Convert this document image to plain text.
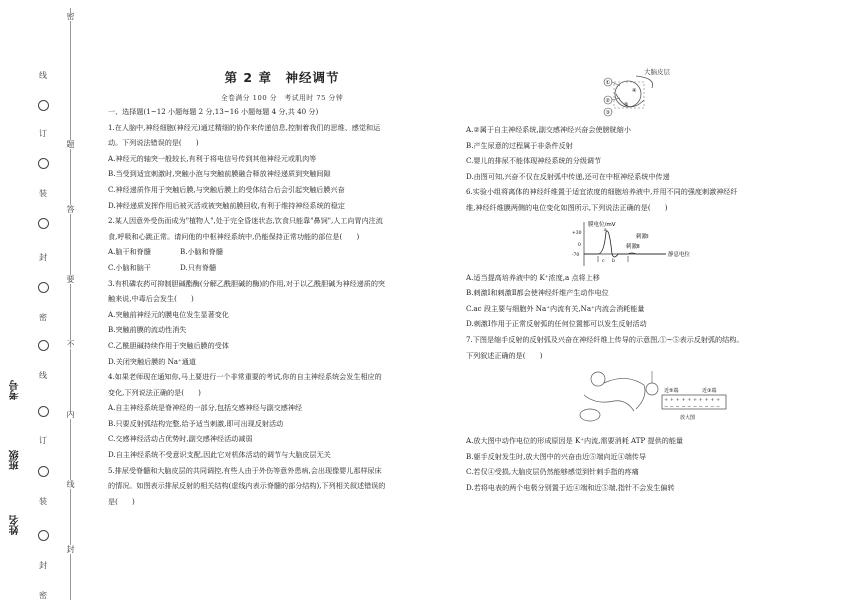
线
订
装
封
密
线
订
装
封
密
密
题
答
要
不
内
线
封
考号
班级
姓名
第 2 章　神经调节
全卷满分 100 分　考试用时 75 分钟

一、选择题(1~12 小题每题 2 分,13~16 小题每题 4 分,共 40 分)

1.在人脑中,神经细胞(神经元)通过精细的协作来传递信息,控制着我们的思维、感觉和运动。下列说法错误的是(　　)

A.神经元的轴突一般较长,有利于将电信号传到其他神经元或肌肉等

B.当受到适宜刺激时,突触小泡与突触前膜融合释放神经递质到突触间隙

C.神经递质作用于突触后膜,与突触后膜上的受体结合后会引起突触后膜兴奋

D.神经递质发挥作用后被灭活或被突触前膜回收,有利于维持神经系统的稳定

2.某人因意外受伤而成为"植物人",处于完全昏迷状态,饮食只能靠"鼻饲",人工向胃内注流食,呼吸和心跳正常。请问他的中枢神经系统中,仍能保持正常功能的部位是(　　)

A.脑干和脊髓	B.小脑和脊髓
C.小脑和脑干	D.只有脊髓

3.有机磷农药可抑制胆碱酯酶(分解乙酰胆碱的酶)的作用,对于以乙酰胆碱为神经递质的突触来说,中毒后会发生(　　)

A.突触前神经元的膜电位发生显著变化

B.突触前膜的流动性消失

C.乙酰胆碱持续作用于突触后膜的受体

D.关闭突触后膜的 Na⁺通道

4.如果老师现在通知你,马上要进行一个非常重要的考试,你的自主神经系统会发生相应的变化,下列说法正确的是(　　)

A.自主神经系统是脊神经的一部分,包括交感神经与副交感神经

B.只要反射弧结构完整,给予适当刺激,即可出现反射活动

C.交感神经活动占优势时,副交感神经活动减弱

D.自主神经系统不受意识支配,因此它对机体活动的调节与大脑皮层无关

5.排尿受脊髓和大脑皮层的共同调控,有些人由于外伤等意外患病,会出现像婴儿那样尿床的情况。如图表示排尿反射的相关结构(虚线内表示脊髓的部分结构),下列相关叙述错误的是(　　)

大脑皮层
①
②
③
④
⑤

A.②属于自主神经系统,副交感神经兴奋会使膀胱缩小

B.产生尿意的过程属于非条件反射

C.婴儿的排尿不能体现神经系统的分级调节

D.由图可知,兴奋不仅在反射弧中传递,还可在中枢神经系统中传递

6.实验小组将离体的神经纤维置于适宜浓度的细胞培养液中,并用不同的强度刺激神经纤维,神经纤维膜两侧的电位变化如图所示,下列说法正确的是(　　)

膜电位/mV
+30
0
-70
刺激Ⅰ
刺激Ⅱ
静息电位
a
b
c

A.适当提高培养液中的 K⁺浓度,a 点将上移

B.刺激Ⅰ和刺激Ⅱ都会使神经纤维产生动作电位

C.ac 段主要与细胞外 Na⁺内流有关,Na⁺内流会消耗能量

D.刺激Ⅰ作用于正常反射弧的任何位置都可以发生反射活动

7.下图是缩手反射的反射弧及兴奋在神经纤维上传导的示意图,①~⑤表示反射弧的结构。下列叙述正确的是(　　)

近⑤端	近③端
放大图
+ + + + + + + + + +
− − − − − − − − − −

A.放大图中动作电位的形成原因是 K⁺内流,需要消耗 ATP 提供的能量

B.躯手反射发生时,放大图中的兴奋由近⑤端向近④端传导

C.若仅④受损,大脑皮层仍然能够感觉到针刺手指的疼痛

D.若将电表的两个电极分别置于近④端和近⑤端,指针不会发生偏转
